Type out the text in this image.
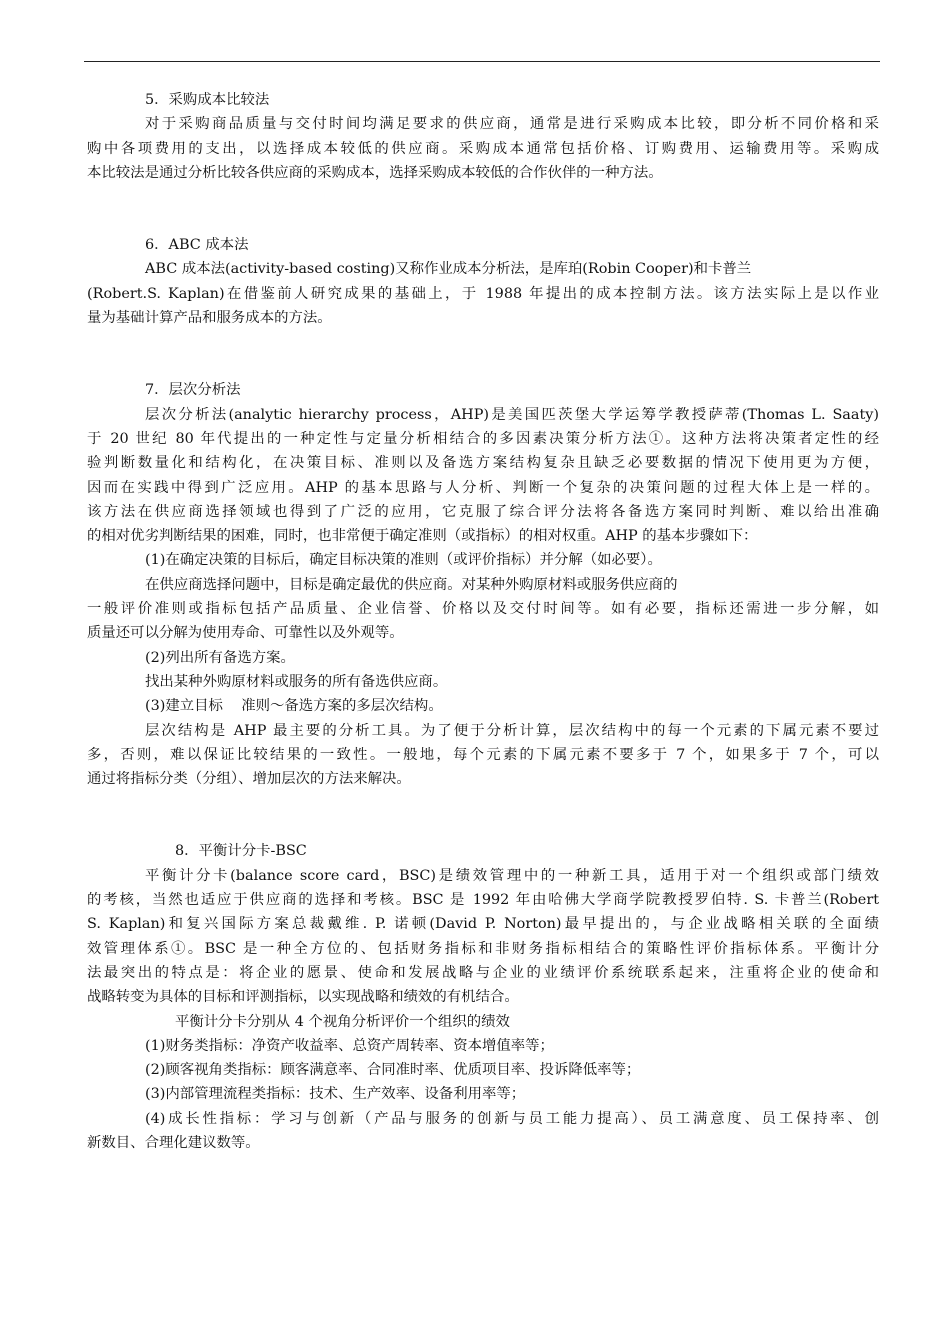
5．采购成本比较法
对于采购商品质量与交付时间均满足要求的供应商，通常是进行采购成本比较，即分析不同价格和采
购中各项费用的支出，以选择成本较低的供应商。采购成本通常包括价格、订购费用、运输费用等。采购成
本比较法是通过分析比较各供应商的采购成本，选择采购成本较低的合作伙伴的一种方法。
6．ABC 成本法
ABC 成本法(activity-based costing)又称作业成本分析法，是库珀(Robin Cooper)和卡普兰
(Robert.S. Kaplan)在借鉴前人研究成果的基础上，于 1988 年提出的成本控制方法。该方法实际上是以作业
量为基础计算产品和服务成本的方法。
7．层次分析法
层次分析法(analytic hierarchy process，AHP)是美国匹茨堡大学运筹学教授萨蒂(Thomas L. Saaty)
于 20 世纪 80 年代提出的一种定性与定量分析相结合的多因素决策分析方法①。这种方法将决策者定性的经
验判断数量化和结构化，在决策目标、准则以及备选方案结构复杂且缺乏必要数据的情况下使用更为方便，
因而在实践中得到广泛应用。AHP 的基本思路与人分析、判断一个复杂的决策问题的过程大体上是一样的。
该方法在供应商选择领域也得到了广泛的应用，它克服了综合评分法将各备选方案同时判断、难以给出准确
的相对优劣判断结果的困难，同时，也非常便于确定准则（或指标）的相对权重。AHP 的基本步骤如下：
(1)在确定决策的目标后，确定目标决策的准则（或评价指标）并分解（如必要）。
在供应商选择问题中，目标是确定最优的供应商。对某种外购原材料或服务供应商的
一般评价准则或指标包括产品质量、企业信誉、价格以及交付时间等。如有必要，指标还需进一步分解，如
质量还可以分解为使用寿命、可靠性以及外观等。
(2)列出所有备选方案。
找出某种外购原材料或服务的所有备选供应商。
(3)建立目标    准则～备选方案的多层次结构。
层次结构是 AHP 最主要的分析工具。为了便于分析计算，层次结构中的每一个元素的下属元素不要过
多，否则，难以保证比较结果的一致性。一般地，每个元素的下属元素不要多于 7 个，如果多于 7 个，可以
通过将指标分类（分组）、增加层次的方法来解决。
8．平衡计分卡-BSC
平衡计分卡(balance score card，BSC)是绩效管理中的一种新工具，适用于对一个组织或部门绩效
的考核，当然也适应于供应商的选择和考核。BSC 是 1992 年由哈佛大学商学院教授罗伯特. S. 卡普兰(Robert
S. Kaplan)和复兴国际方案总裁戴维. P. 诺顿(David P. Norton)最早提出的，与企业战略相关联的全面绩
效管理体系①。BSC 是一种全方位的、包括财务指标和非财务指标相结合的策略性评价指标体系。平衡计分
法最突出的特点是：将企业的愿景、使命和发展战略与企业的业绩评价系统联系起来，注重将企业的使命和
战略转变为具体的目标和评测指标，以实现战略和绩效的有机结合。
平衡计分卡分别从 4 个视角分析评价一个组织的绩效
(1)财务类指标：净资产收益率、总资产周转率、资本增值率等；
(2)顾客视角类指标：顾客满意率、合同准时率、优质项目率、投诉降低率等；
(3)内部管理流程类指标：技术、生产效率、设备利用率等；
(4)成长性指标：学习与创新（产品与服务的创新与员工能力提高）、员工满意度、员工保持率、创
新数目、合理化建议数等。
